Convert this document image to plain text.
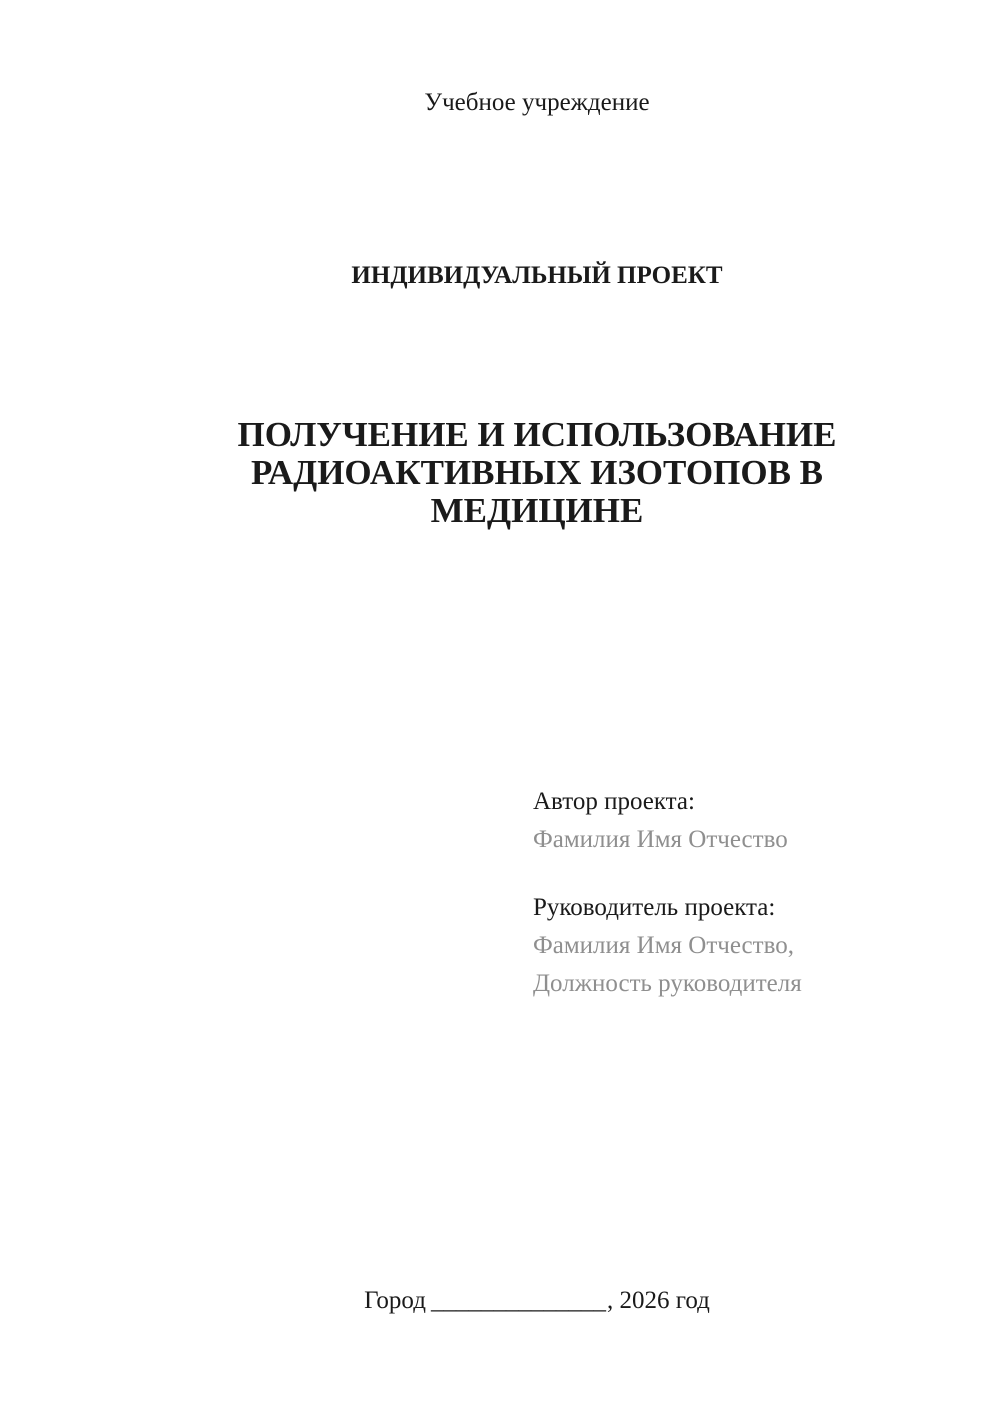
Учебное учреждение
ИНДИВИДУАЛЬНЫЙ ПРОЕКТ
ПОЛУЧЕНИЕ И ИСПОЛЬЗОВАНИЕ РАДИОАКТИВНЫХ ИЗОТОПОВ В МЕДИЦИНЕ
Автор проекта:
Фамилия Имя Отчество
Руководитель проекта:
Фамилия Имя Отчество,
Должность руководителя
Город ______________, 2026 год
